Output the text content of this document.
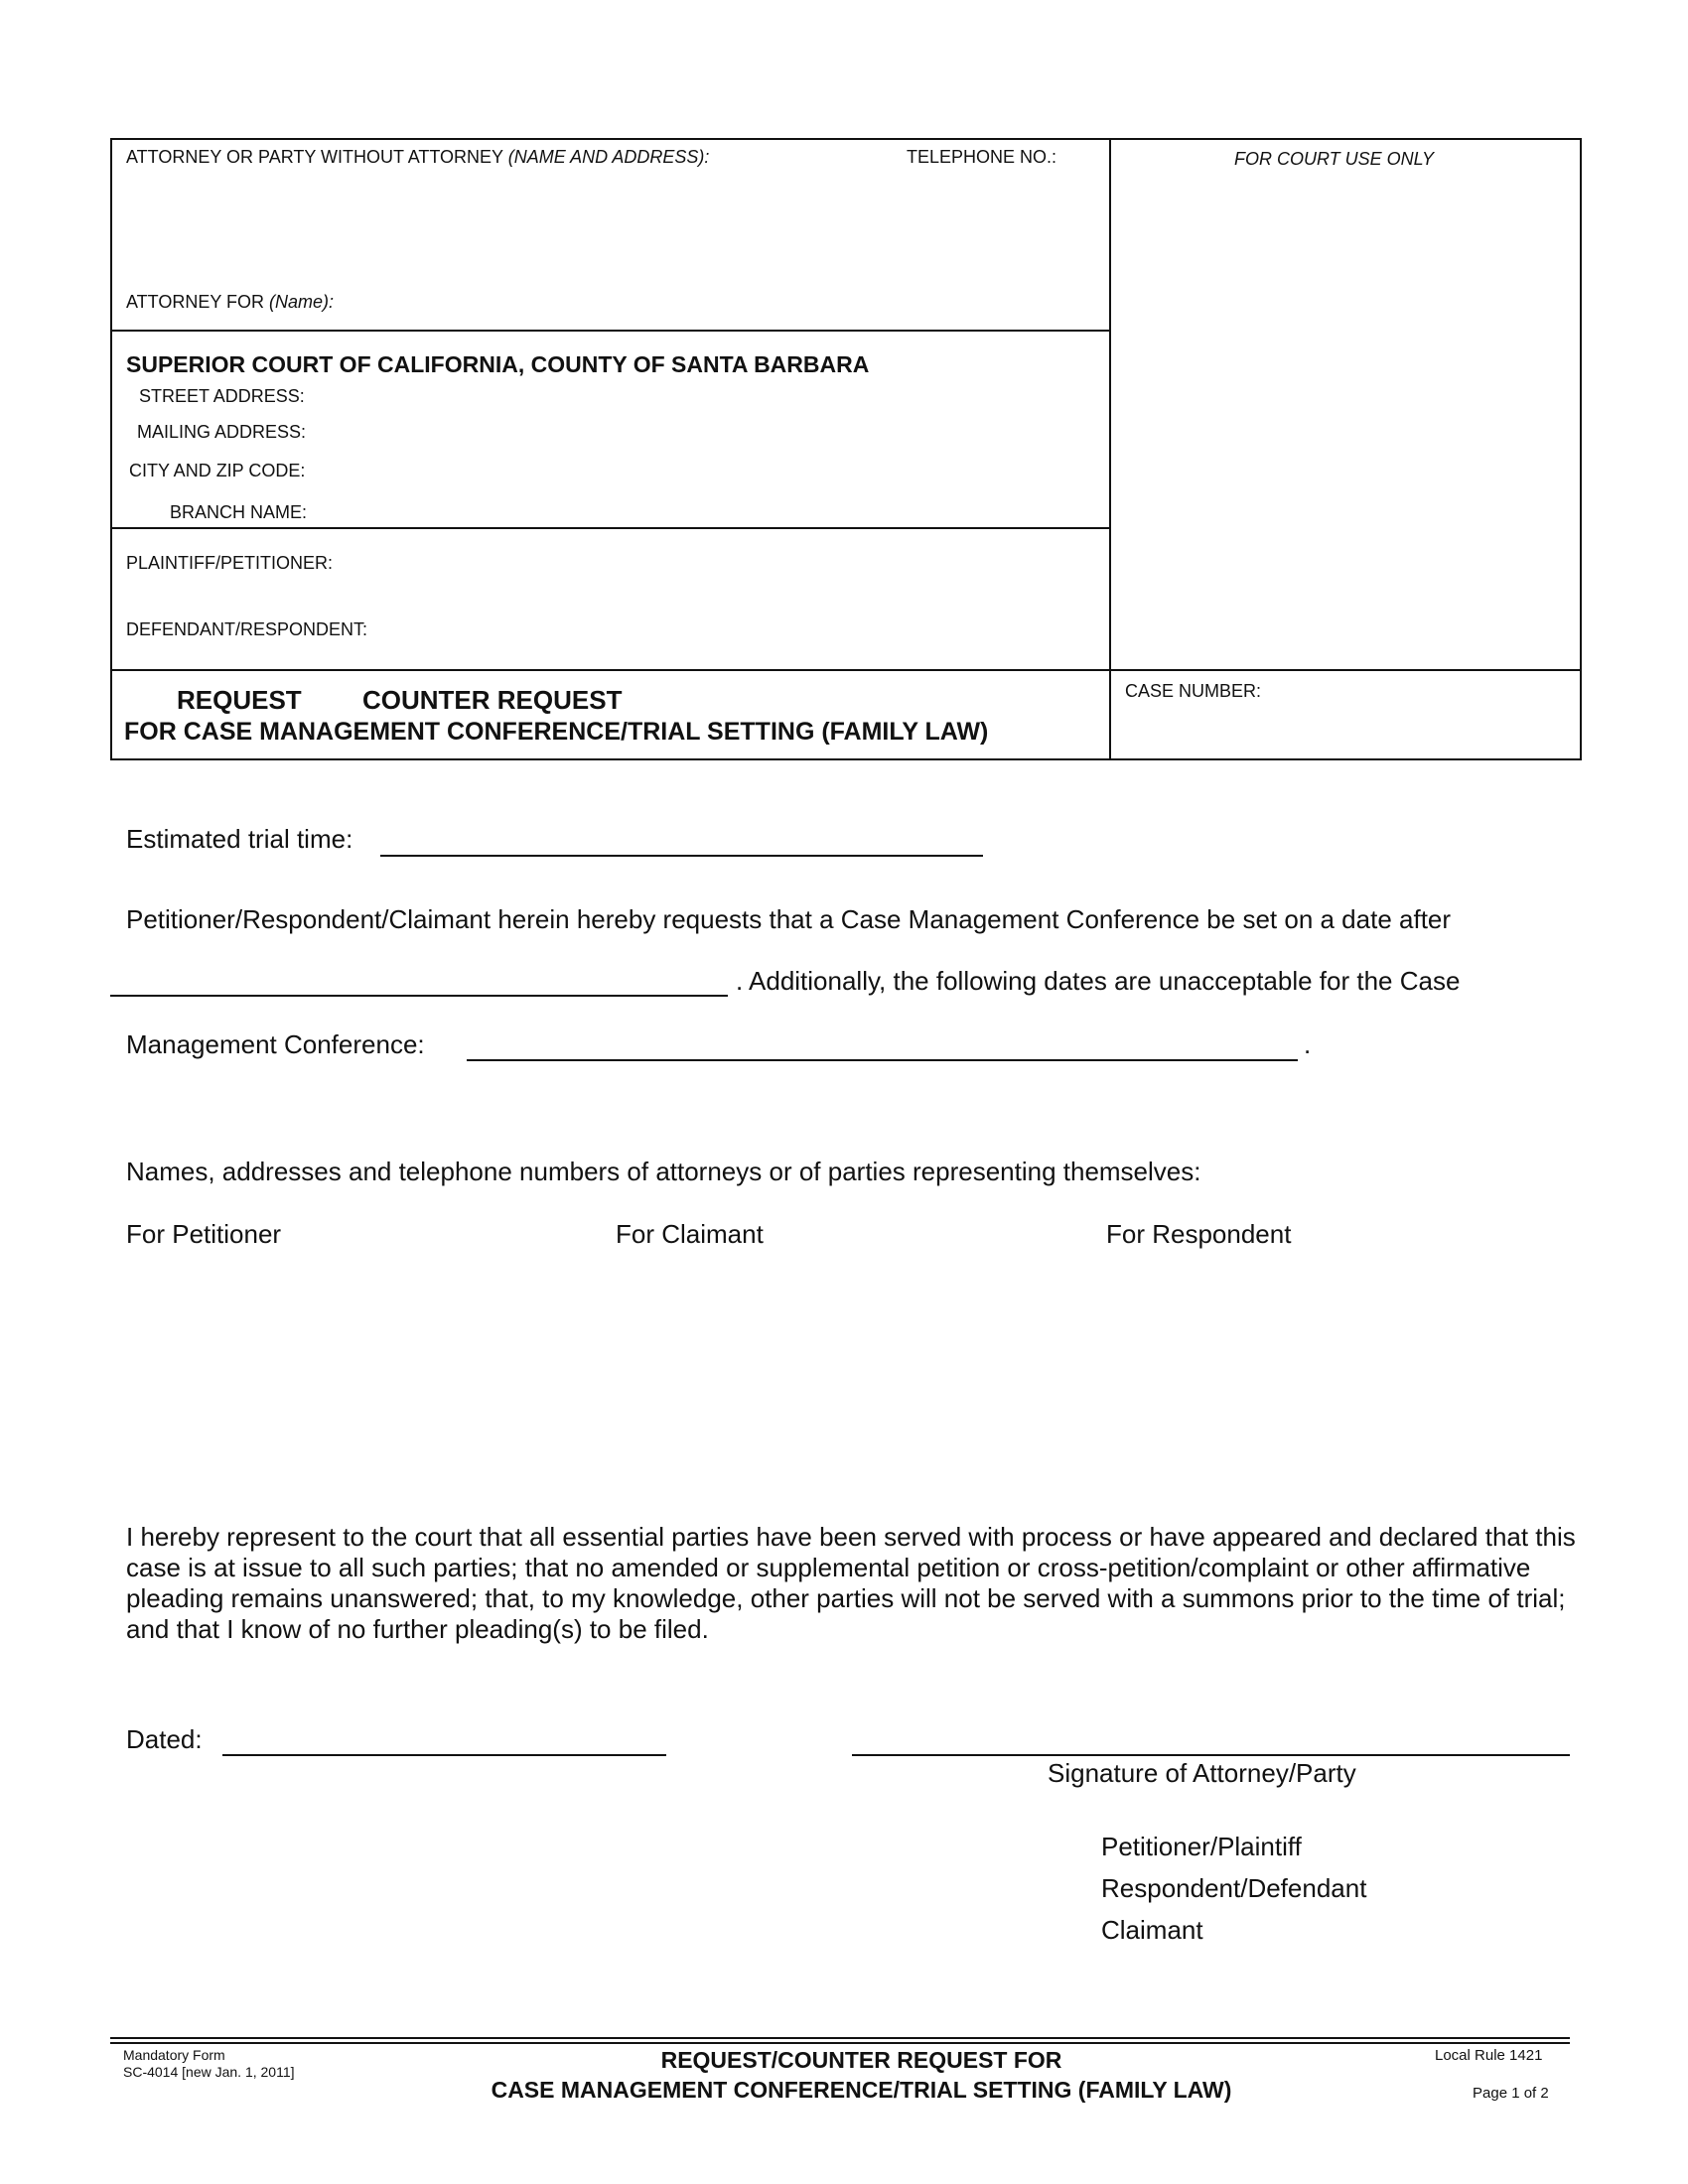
ATTORNEY OR PARTY WITHOUT ATTORNEY (NAME AND ADDRESS):	TELEPHONE NO.:
ATTORNEY FOR (Name):
FOR COURT USE ONLY
SUPERIOR COURT OF CALIFORNIA, COUNTY OF SANTA BARBARA
STREET ADDRESS:
MAILING ADDRESS:
CITY AND ZIP CODE:
BRANCH NAME:
PLAINTIFF/PETITIONER:
DEFENDANT/RESPONDENT:
REQUEST COUNTER REQUEST
FOR CASE MANAGEMENT CONFERENCE/TRIAL SETTING (FAMILY LAW)
CASE NUMBER:
Estimated trial time:
Petitioner/Respondent/Claimant herein hereby requests that a Case Management Conference be set on a date after
. Additionally, the following dates are unacceptable for the Case
Management Conference:	.
Names, addresses and telephone numbers of attorneys or of parties representing themselves:
For Petitioner	For Claimant	For Respondent
I hereby represent to the court that all essential parties have been served with process or have appeared and declared that this case is at issue to all such parties; that no amended or supplemental petition or cross-petition/complaint or other affirmative pleading remains unanswered; that, to my knowledge, other parties will not be served with a summons prior to the time of trial; and that I know of no further pleading(s) to be filed.
Dated:
Signature of Attorney/Party
Petitioner/Plaintiff
Respondent/Defendant
Claimant
Mandatory Form
SC-4014 [new Jan. 1, 2011]	REQUEST/COUNTER REQUEST FOR
CASE MANAGEMENT CONFERENCE/TRIAL SETTING (FAMILY LAW)
Local Rule 1421
Page 1 of 2
